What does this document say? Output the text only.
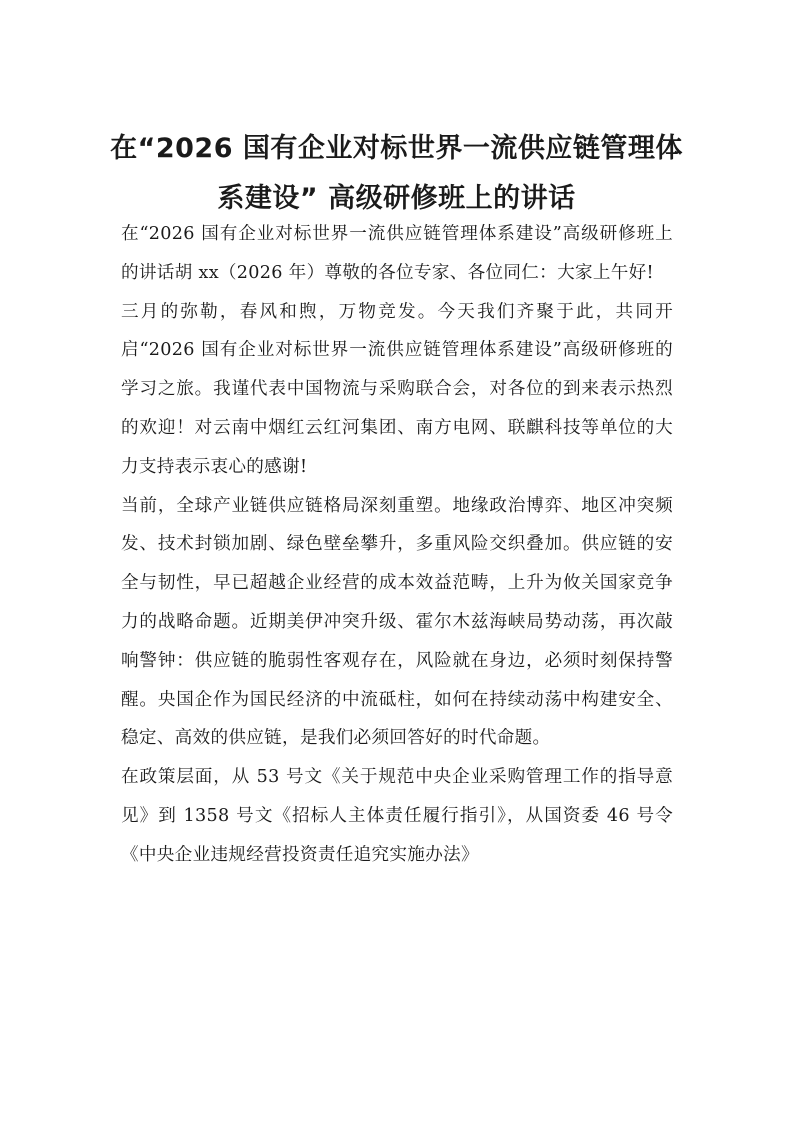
在“2026 国有企业对标世界一流供应链管理体系建设” 高级研修班上的讲话

在“2026 国有企业对标世界一流供应链管理体系建设”高级研修班上的讲话胡 xx（2026 年）尊敬的各位专家、各位同仁：大家上午好!

三月的弥勒，春风和煦，万物竞发。今天我们齐聚于此，共同开启“2026 国有企业对标世界一流供应链管理体系建设”高级研修班的学习之旅。我谨代表中国物流与采购联合会，对各位的到来表示热烈的欢迎！对云南中烟红云红河集团、南方电网、联麒科技等单位的大力支持表示衷心的感谢!

当前，全球产业链供应链格局深刻重塑。地缘政治博弈、地区冲突频发、技术封锁加剧、绿色壁垒攀升，多重风险交织叠加。供应链的安全与韧性，早已超越企业经营的成本效益范畴，上升为攸关国家竞争力的战略命题。近期美伊冲突升级、霍尔木兹海峡局势动荡，再次敲响警钟：供应链的脆弱性客观存在，风险就在身边，必须时刻保持警醒。央国企作为国民经济的中流砥柱，如何在持续动荡中构建安全、稳定、高效的供应链，是我们必须回答好的时代命题。

在政策层面，从 53 号文《关于规范中央企业采购管理工作的指导意见》到 1358 号文《招标人主体责任履行指引》，从国资委 46 号令《中央企业违规经营投资责任追究实施办法》
